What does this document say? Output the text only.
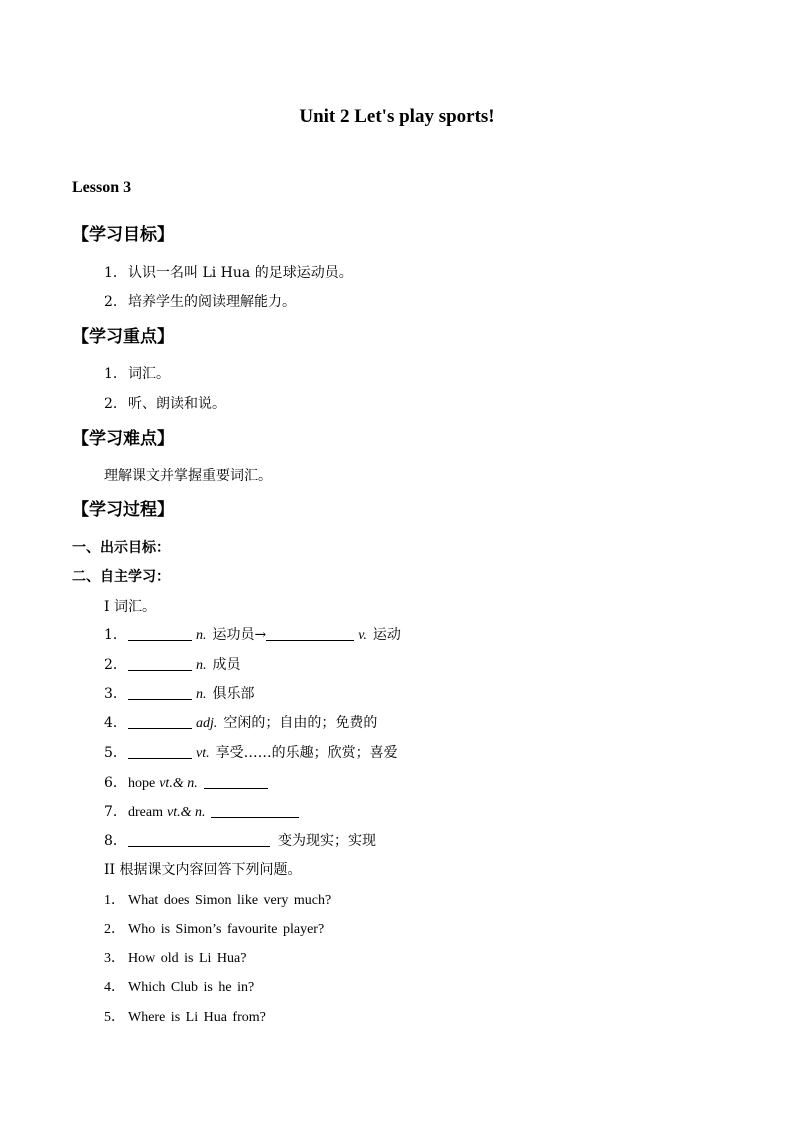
Unit 2 Let's play sports!
Lesson 3
【学习目标】
1．认识一名叫 Li Hua 的足球运动员。
2．培养学生的阅读理解能力。
【学习重点】
1．词汇。
2．听、朗读和说。
【学习难点】
理解课文并掌握重要词汇。
【学习过程】
一、出示目标：
二、自主学习：
I 词汇。
1．	n. 运功员→	v. 运动
2．	n. 成员
3．	n. 俱乐部
4．	adj. 空闲的；自由的；免费的
5．	vt. 享受……的乐趣；欣赏；喜爱
6．hope vt.& n.
7．dream vt.& n.
8．	变为现实；实现
II 根据课文内容回答下列问题。
1． What does Simon like very much?
2． Who is Simon’s favourite player?
3． How old is Li Hua?
4． Which Club is he in?
5． Where is Li Hua from?
